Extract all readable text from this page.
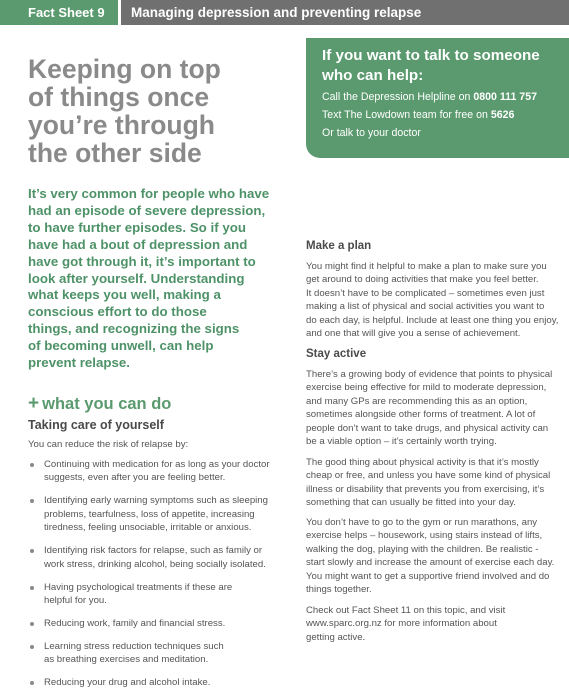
Fact Sheet 9	Managing depression and preventing relapse
Keeping on top
of things once
you’re through
the other side
It’s very common for people who have
had an episode of severe depression,
to have further episodes. So if you
have had a bout of depression and
have got through it, it’s important to
look after yourself. Understanding
what keeps you well, making a
conscious effort to do those
things, and recognizing the signs
of becoming unwell, can help
prevent relapse.
+ what you can do
Taking care of yourself
You can reduce the risk of relapse by:
Continuing with medication for as long as your doctor
suggests, even after you are feeling better.
Identifying early warning symptoms such as sleeping
problems, tearfulness, loss of appetite, increasing
tiredness, feeling unsociable, irritable or anxious.
Identifying risk factors for relapse, such as family or
work stress, drinking alcohol, being socially isolated.
Having psychological treatments if these are
helpful for you.
Reducing work, family and financial stress.
Learning stress reduction techniques such
as breathing exercises and meditation.
Reducing your drug and alcohol intake.
If you want to talk to someone
who can help:
Call the Depression Helpline on 0800 111 757
Text The Lowdown team for free on 5626
Or talk to your doctor
Make a plan
You might find it helpful to make a plan to make sure you
get around to doing activities that make you feel better.
It doesn’t have to be complicated – sometimes even just
making a list of physical and social activities you want to
do each day, is helpful. Include at least one thing you enjoy,
and one that will give you a sense of achievement.
Stay active
There’s a growing body of evidence that points to physical
exercise being effective for mild to moderate depression,
and many GPs are recommending this as an option,
sometimes alongside other forms of treatment. A lot of
people don’t want to take drugs, and physical activity can
be a viable option – it’s certainly worth trying.
The good thing about physical activity is that it’s mostly
cheap or free, and unless you have some kind of physical
illness or disability that prevents you from exercising, it’s
something that can usually be fitted into your day.
You don’t have to go to the gym or run marathons, any
exercise helps – housework, using stairs instead of lifts,
walking the dog, playing with the children. Be realistic -
start slowly and increase the amount of exercise each day.
You might want to get a supportive friend involved and do
things together.
Check out Fact Sheet 11 on this topic, and visit
www.sparc.org.nz for more information about
getting active.
